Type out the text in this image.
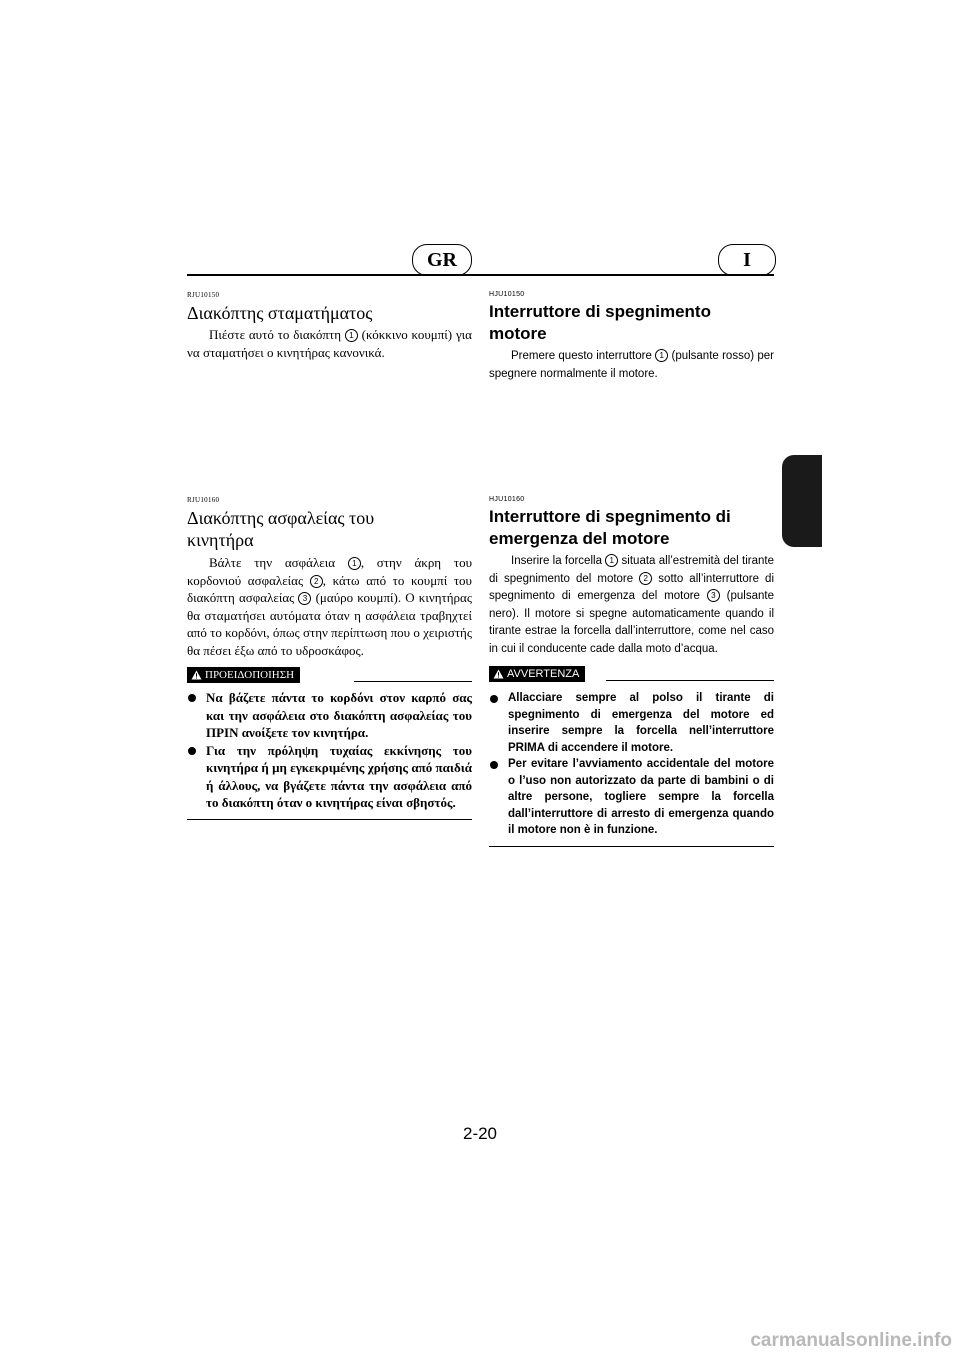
GR	I
RJU10150
Διακόπτης σταματήματος

Πιέστε αυτό το διακόπτη 1 (κόκκινο κουμπί) για να σταματήσει ο κινητήρας κανονικά.

HJU10150
Interruttore di spegnimento
motore

Premere questo interruttore 1 (pulsante rosso) per spegnere normalmente il motore.

RJU10160
Διακόπτης ασφαλείας του
κινητήρα

Βάλτε την ασφάλεια 1 , στην άκρη του κορδονιού ασφαλείας 2 , κάτω από το κουμπί του διακόπτη ασφαλείας 3 (μαύρο κουμπί). Ο κινητήρας θα σταματήσει αυτόματα όταν η ασφάλεια τραβηχτεί από το κορδόνι, όπως στην περίπτωση που ο χειριστής θα πέσει έξω από το υδροσκάφος.

ΠΡΟΕΙΔΟΠΟΙΗΣΗ
Να βάζετε πάντα το κορδόνι στον καρπό σας και την ασφάλεια στο διακόπτη ασφαλείας του ΠΡΙΝ ανοίξετε τον κινητήρα.
Για την πρόληψη τυχαίας εκκίνησης του κινητήρα ή μη εγκεκριμένης χρήσης από παιδιά ή άλλους, να βγάζετε πάντα την ασφάλεια από το διακόπτη όταν ο κινητήρας είναι σβηστός.
HJU10160
Interruttore di spegnimento di
emergenza del motore

Inserire la forcella 1 situata all’estremità del tirante di spegnimento del motore 2 sotto all’interruttore di spegnimento di emergenza del motore 3 (pulsante nero). Il motore si spegne automaticamente quando il tirante estrae la forcella dall’interruttore, come nel caso in cui il conducente cade dalla moto d’acqua.

AVVERTENZA
Allacciare sempre al polso il tirante di spegnimento di emergenza del motore ed inserire sempre la forcella nell’interruttore PRIMA di accendere il motore.
Per evitare l’avviamento accidentale del motore o l’uso non autorizzato da parte di bambini o di altre persone, togliere sempre la forcella dall’interruttore di arresto di emergenza quando il motore non è in funzione.
2-20
carmanualsonline.info
